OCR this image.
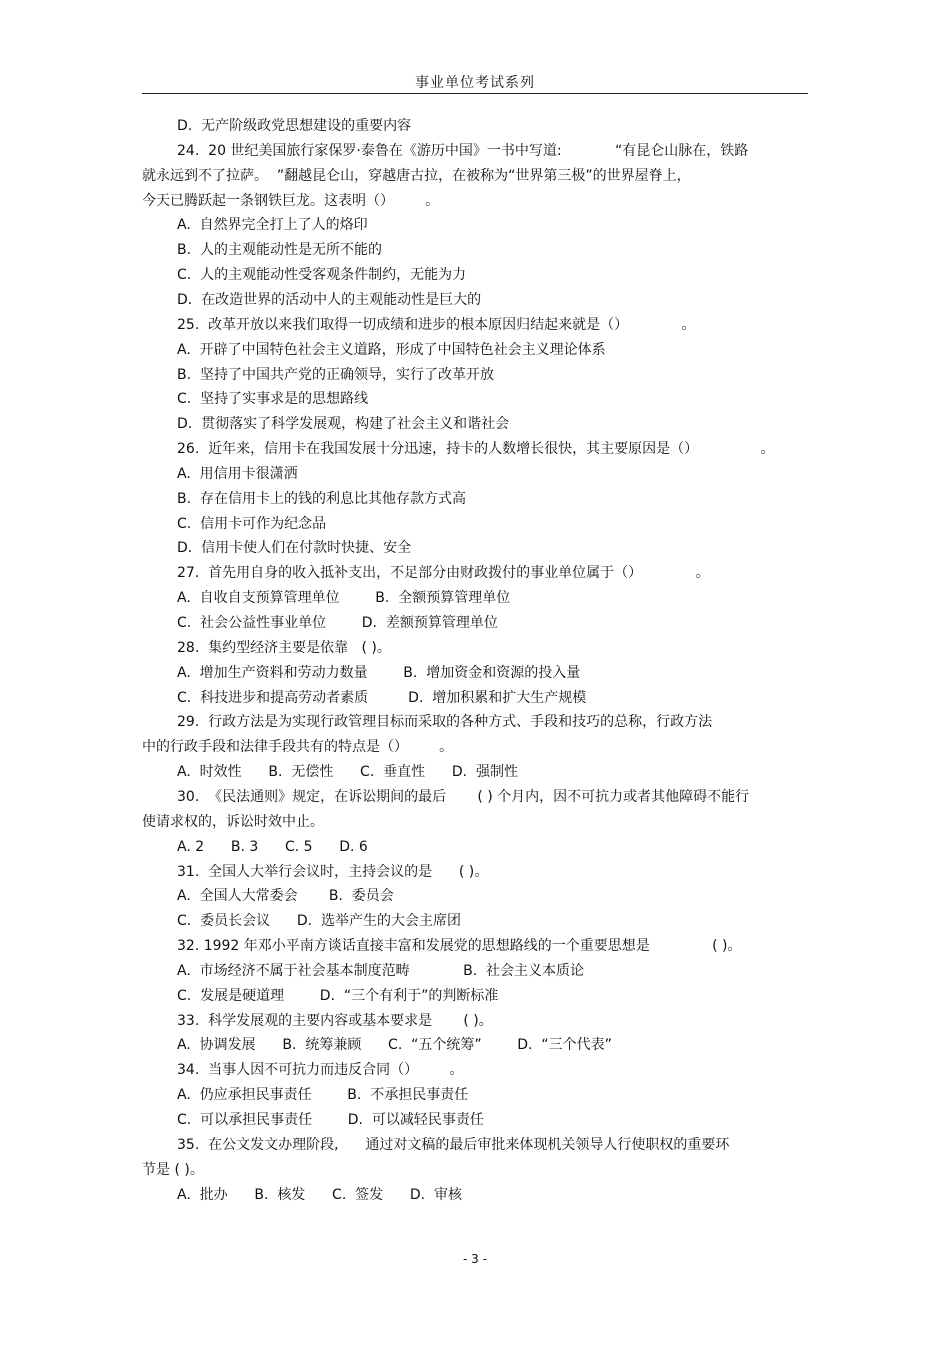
事业单位考试系列
D.  无产阶级政党思想建设的重要内容
24.  20 世纪美国旅行家保罗·泰鲁在《游历中国》一书中写道:            “有昆仑山脉在，铁路
就永远到不了拉萨。  ”翻越昆仑山，穿越唐古拉，在被称为“世界第三极”的世界屋脊上，
今天已腾跃起一条钢铁巨龙。这表明（）       。
A.  自然界完全打上了人的烙印
B.  人的主观能动性是无所不能的
C.  人的主观能动性受客观条件制约，无能为力
D.  在改造世界的活动中人的主观能动性是巨大的
25.  改革开放以来我们取得一切成绩和进步的根本原因归结起来就是（）            。
A.  开辟了中国特色社会主义道路，形成了中国特色社会主义理论体系
B.  坚持了中国共产党的正确领导，实行了改革开放
C.  坚持了实事求是的思想路线
D.  贯彻落实了科学发展观，构建了社会主义和谐社会
26.  近年来，信用卡在我国发展十分迅速，持卡的人数增长很快，其主要原因是（）              。
A.  用信用卡很潇洒
B.  存在信用卡上的钱的利息比其他存款方式高
C.  信用卡可作为纪念品
D.  信用卡使人们在付款时快捷、安全
27.  首先用自身的收入抵补支出，不足部分由财政拨付的事业单位属于（）            。
A.  自收自支预算管理单位        B.  全额预算管理单位
C.  社会公益性事业单位        D.  差额预算管理单位
28.  集约型经济主要是依靠   ( )。
A.  增加生产资料和劳动力数量        B.  增加资金和资源的投入量
C.  科技进步和提高劳动者素质         D.  增加积累和扩大生产规模
29.  行政方法是为实现行政管理目标而采取的各种方式、手段和技巧的总称，行政方法
中的行政手段和法律手段共有的特点是（）       。
A.  时效性      B.  无偿性      C.  垂直性      D.  强制性
30.  《民法通则》规定，在诉讼期间的最后       ( ) 个月内，因不可抗力或者其他障碍不能行
使请求权的，诉讼时效中止。
A. 2      B. 3      C. 5      D. 6
31.  全国人大举行会议时，主持会议的是      ( )。
A.  全国人大常委会       B.  委员会
C.  委员长会议      D.  选举产生的大会主席团
32. 1992 年邓小平南方谈话直接丰富和发展党的思想路线的一个重要思想是              ( )。
A.  市场经济不属于社会基本制度范畴            B.  社会主义本质论
C.  发展是硬道理        D.  “三个有利于”的判断标准
33.  科学发展观的主要内容或基本要求是       ( )。
A.  协调发展      B.  统筹兼顾      C.  “五个统筹”        D.  “三个代表”
34.  当事人因不可抗力而违反合同（）       。
A.  仍应承担民事责任        B.  不承担民事责任
C.  可以承担民事责任        D.  可以减轻民事责任
35.  在公文发文办理阶段,      通过对文稿的最后审批来体现机关领导人行使职权的重要环
节是 ( )。
A.  批办      B.  核发      C.  签发      D.  审核
- 3 -
